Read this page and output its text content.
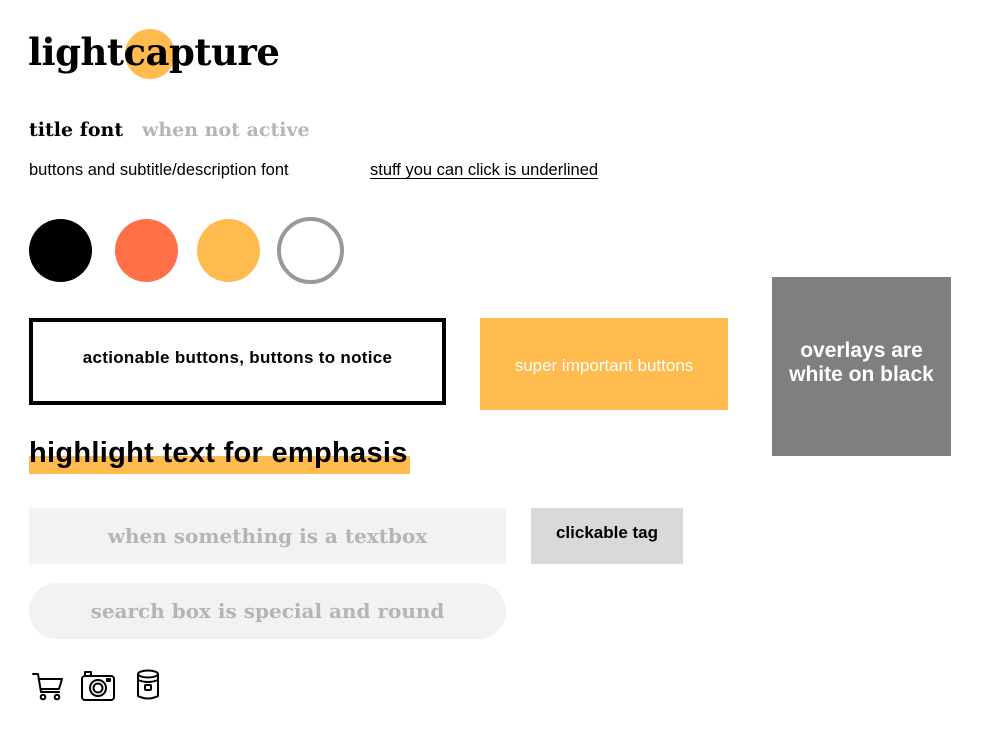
lightcapture
title font when not active
buttons and subtitle/description font	stuff you can click is underlined
actionable buttons, buttons to notice	super important buttons
overlays are
white on black
highlight text for emphasis
when something is a textbox
clickable tag
search box is special and round
